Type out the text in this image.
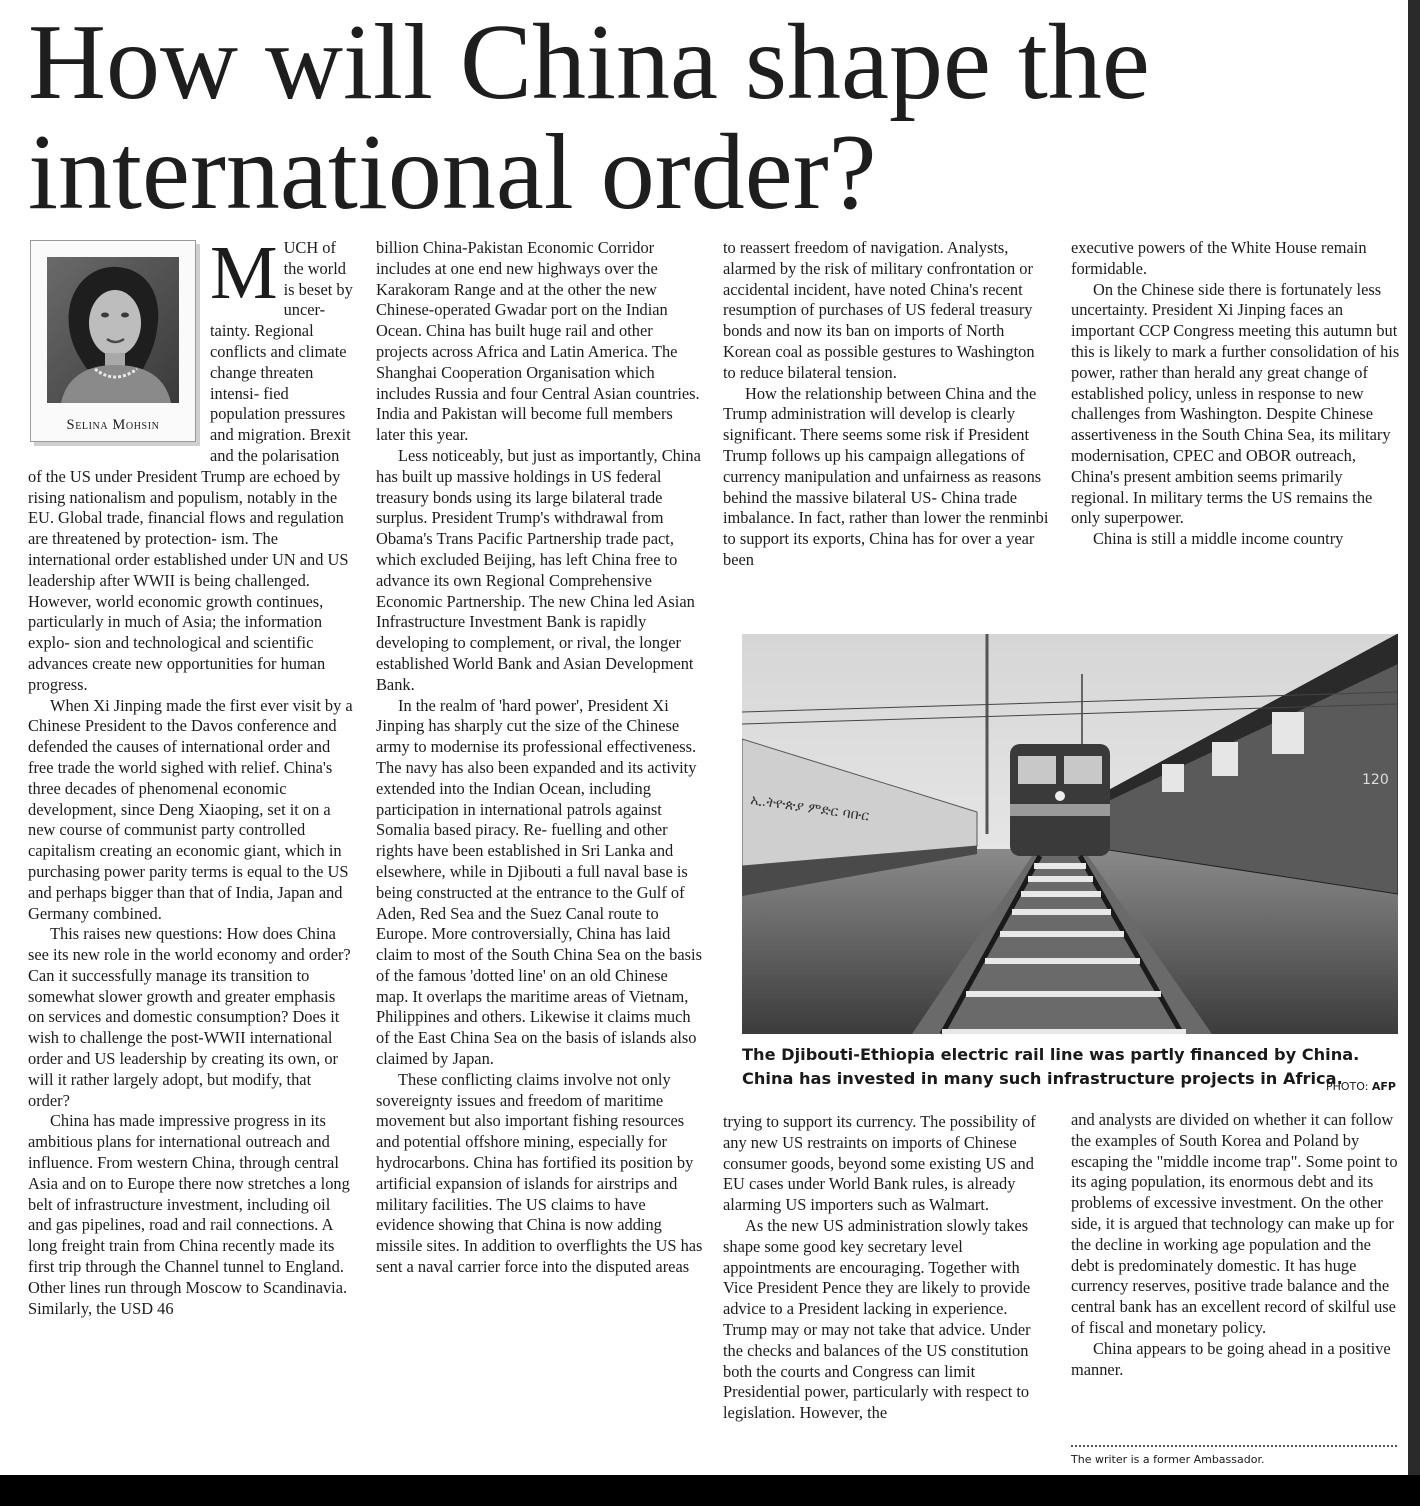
How will China shape the international order?
Selina Mohsin
M UCH of the world is beset by uncer- tainty. Regional conflicts and climate change threaten intensi- fied population pressures and migration. Brexit and the polarisation of the US under President Trump are echoed by rising nationalism and populism, notably in the EU. Global trade, financial flows and regulation are threatened by protection- ism. The international order established under UN and US leadership after WWII is being challenged. However, world economic growth continues, particularly in much of Asia; the information explo- sion and technological and scientific advances create new opportunities for human progress.

When Xi Jinping made the first ever visit by a Chinese President to the Davos conference and defended the causes of international order and free trade the world sighed with relief. China's three decades of phenomenal economic development, since Deng Xiaoping, set it on a new course of communist party controlled capitalism creating an economic giant, which in purchasing power parity terms is equal to the US and perhaps bigger than that of India, Japan and Germany combined.

This raises new questions: How does China see its new role in the world economy and order? Can it successfully manage its transition to somewhat slower growth and greater emphasis on services and domestic consumption? Does it wish to challenge the post-WWII international order and US leadership by creating its own, or will it rather largely adopt, but modify, that order?

China has made impressive progress in its ambitious plans for international outreach and influence. From western China, through central Asia and on to Europe there now stretches a long belt of infrastructure investment, including oil and gas pipelines, road and rail connections. A long freight train from China recently made its first trip through the Channel tunnel to England. Other lines run through Moscow to Scandinavia. Similarly, the USD 46

billion China-Pakistan Economic Corridor includes at one end new highways over the Karakoram Range and at the other the new Chinese-operated Gwadar port on the Indian Ocean. China has built huge rail and other projects across Africa and Latin America. The Shanghai Cooperation Organisation which includes Russia and four Central Asian countries. India and Pakistan will become full members later this year.

Less noticeably, but just as importantly, China has built up massive holdings in US federal treasury bonds using its large bilateral trade surplus. President Trump's withdrawal from Obama's Trans Pacific Partnership trade pact, which excluded Beijing, has left China free to advance its own Regional Comprehensive Economic Partnership. The new China led Asian Infrastructure Investment Bank is rapidly developing to complement, or rival, the longer established World Bank and Asian Development Bank.

In the realm of 'hard power', President Xi Jinping has sharply cut the size of the Chinese army to modernise its professional effectiveness. The navy has also been expanded and its activity extended into the Indian Ocean, including participation in international patrols against Somalia based piracy. Re- fuelling and other rights have been established in Sri Lanka and elsewhere, while in Djibouti a full naval base is being constructed at the entrance to the Gulf of Aden, Red Sea and the Suez Canal route to Europe. More controversially, China has laid claim to most of the South China Sea on the basis of the famous 'dotted line' on an old Chinese map. It overlaps the maritime areas of Vietnam, Philippines and others. Likewise it claims much of the East China Sea on the basis of islands also claimed by Japan.

These conflicting claims involve not only sovereignty issues and freedom of maritime movement but also important fishing resources and potential offshore mining, especially for hydrocarbons. China has fortified its position by artificial expansion of islands for airstrips and military facilities. The US claims to have evidence showing that China is now adding missile sites. In addition to overflights the US has sent a naval carrier force into the disputed areas

to reassert freedom of navigation. Analysts, alarmed by the risk of military confrontation or accidental incident, have noted China's recent resumption of purchases of US federal treasury bonds and now its ban on imports of North Korean coal as possible gestures to Washington to reduce bilateral tension.

How the relationship between China and the Trump administration will develop is clearly significant. There seems some risk if President Trump follows up his campaign allegations of currency manipulation and unfairness as reasons behind the massive bilateral US- China trade imbalance. In fact, rather than lower the renminbi to support its exports, China has for over a year been

executive powers of the White House remain formidable.

On the Chinese side there is fortunately less uncertainty. President Xi Jinping faces an important CCP Congress meeting this autumn but this is likely to mark a further consolidation of his power, rather than herald any great change of established policy, unless in response to new challenges from Washington. Despite Chinese assertiveness in the South China Sea, its military modernisation, CPEC and OBOR outreach, China's present ambition seems primarily regional. In military terms the US remains the only superpower.

China is still a middle income country

ኢ.ትዮጵያ ምድር ባቡር
120

The Djibouti-Ethiopia electric rail line was partly financed by China. China has invested in many such infrastructure projects in Africa.

PHOTO: AFP

trying to support its currency. The possibility of any new US restraints on imports of Chinese consumer goods, beyond some existing US and EU cases under World Bank rules, is already alarming US importers such as Walmart.

As the new US administration slowly takes shape some good key secretary level appointments are encouraging. Together with Vice President Pence they are likely to provide advice to a President lacking in experience. Trump may or may not take that advice. Under the checks and balances of the US constitution both the courts and Congress can limit Presidential power, particularly with respect to legislation. However, the

and analysts are divided on whether it can follow the examples of South Korea and Poland by escaping the "middle income trap". Some point to its aging population, its enormous debt and its problems of excessive investment. On the other side, it is argued that technology can make up for the decline in working age population and the debt is predominately domestic. It has huge currency reserves, positive trade balance and the central bank has an excellent record of skilful use of fiscal and monetary policy.

China appears to be going ahead in a positive manner.

The writer is a former Ambassador.
